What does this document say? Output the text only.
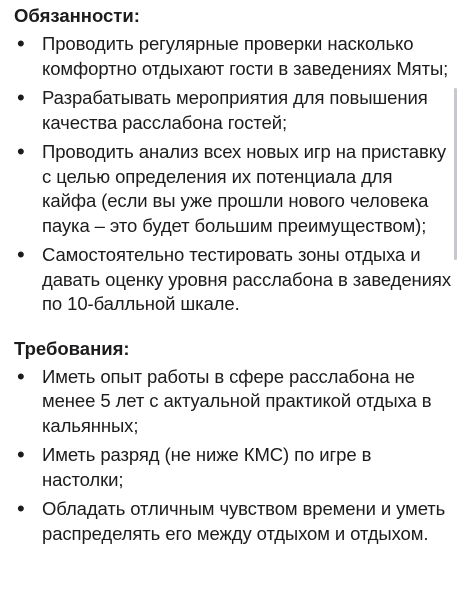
Обязанности:
• Проводить регулярные проверки насколько комфортно отдыхают гости в заведениях Мяты;
• Разрабатывать мероприятия для повышения качества расслабона гостей;
• Проводить анализ всех новых игр на приставку с целью определения их потенциала для кайфа (если вы уже прошли нового человека паука – это будет большим преимуществом);
• Самостоятельно тестировать зоны отдыха и давать оценку уровня расслабона в заведениях по 10-балльной шкале.
Требования:
• Иметь опыт работы в сфере расслабона не менее 5 лет с актуальной практикой отдыха в кальянных;
• Иметь разряд (не ниже КМС) по игре в настолки;
• Обладать отличным чувством времени и уметь распределять его между отдыхом и отдыхом.
